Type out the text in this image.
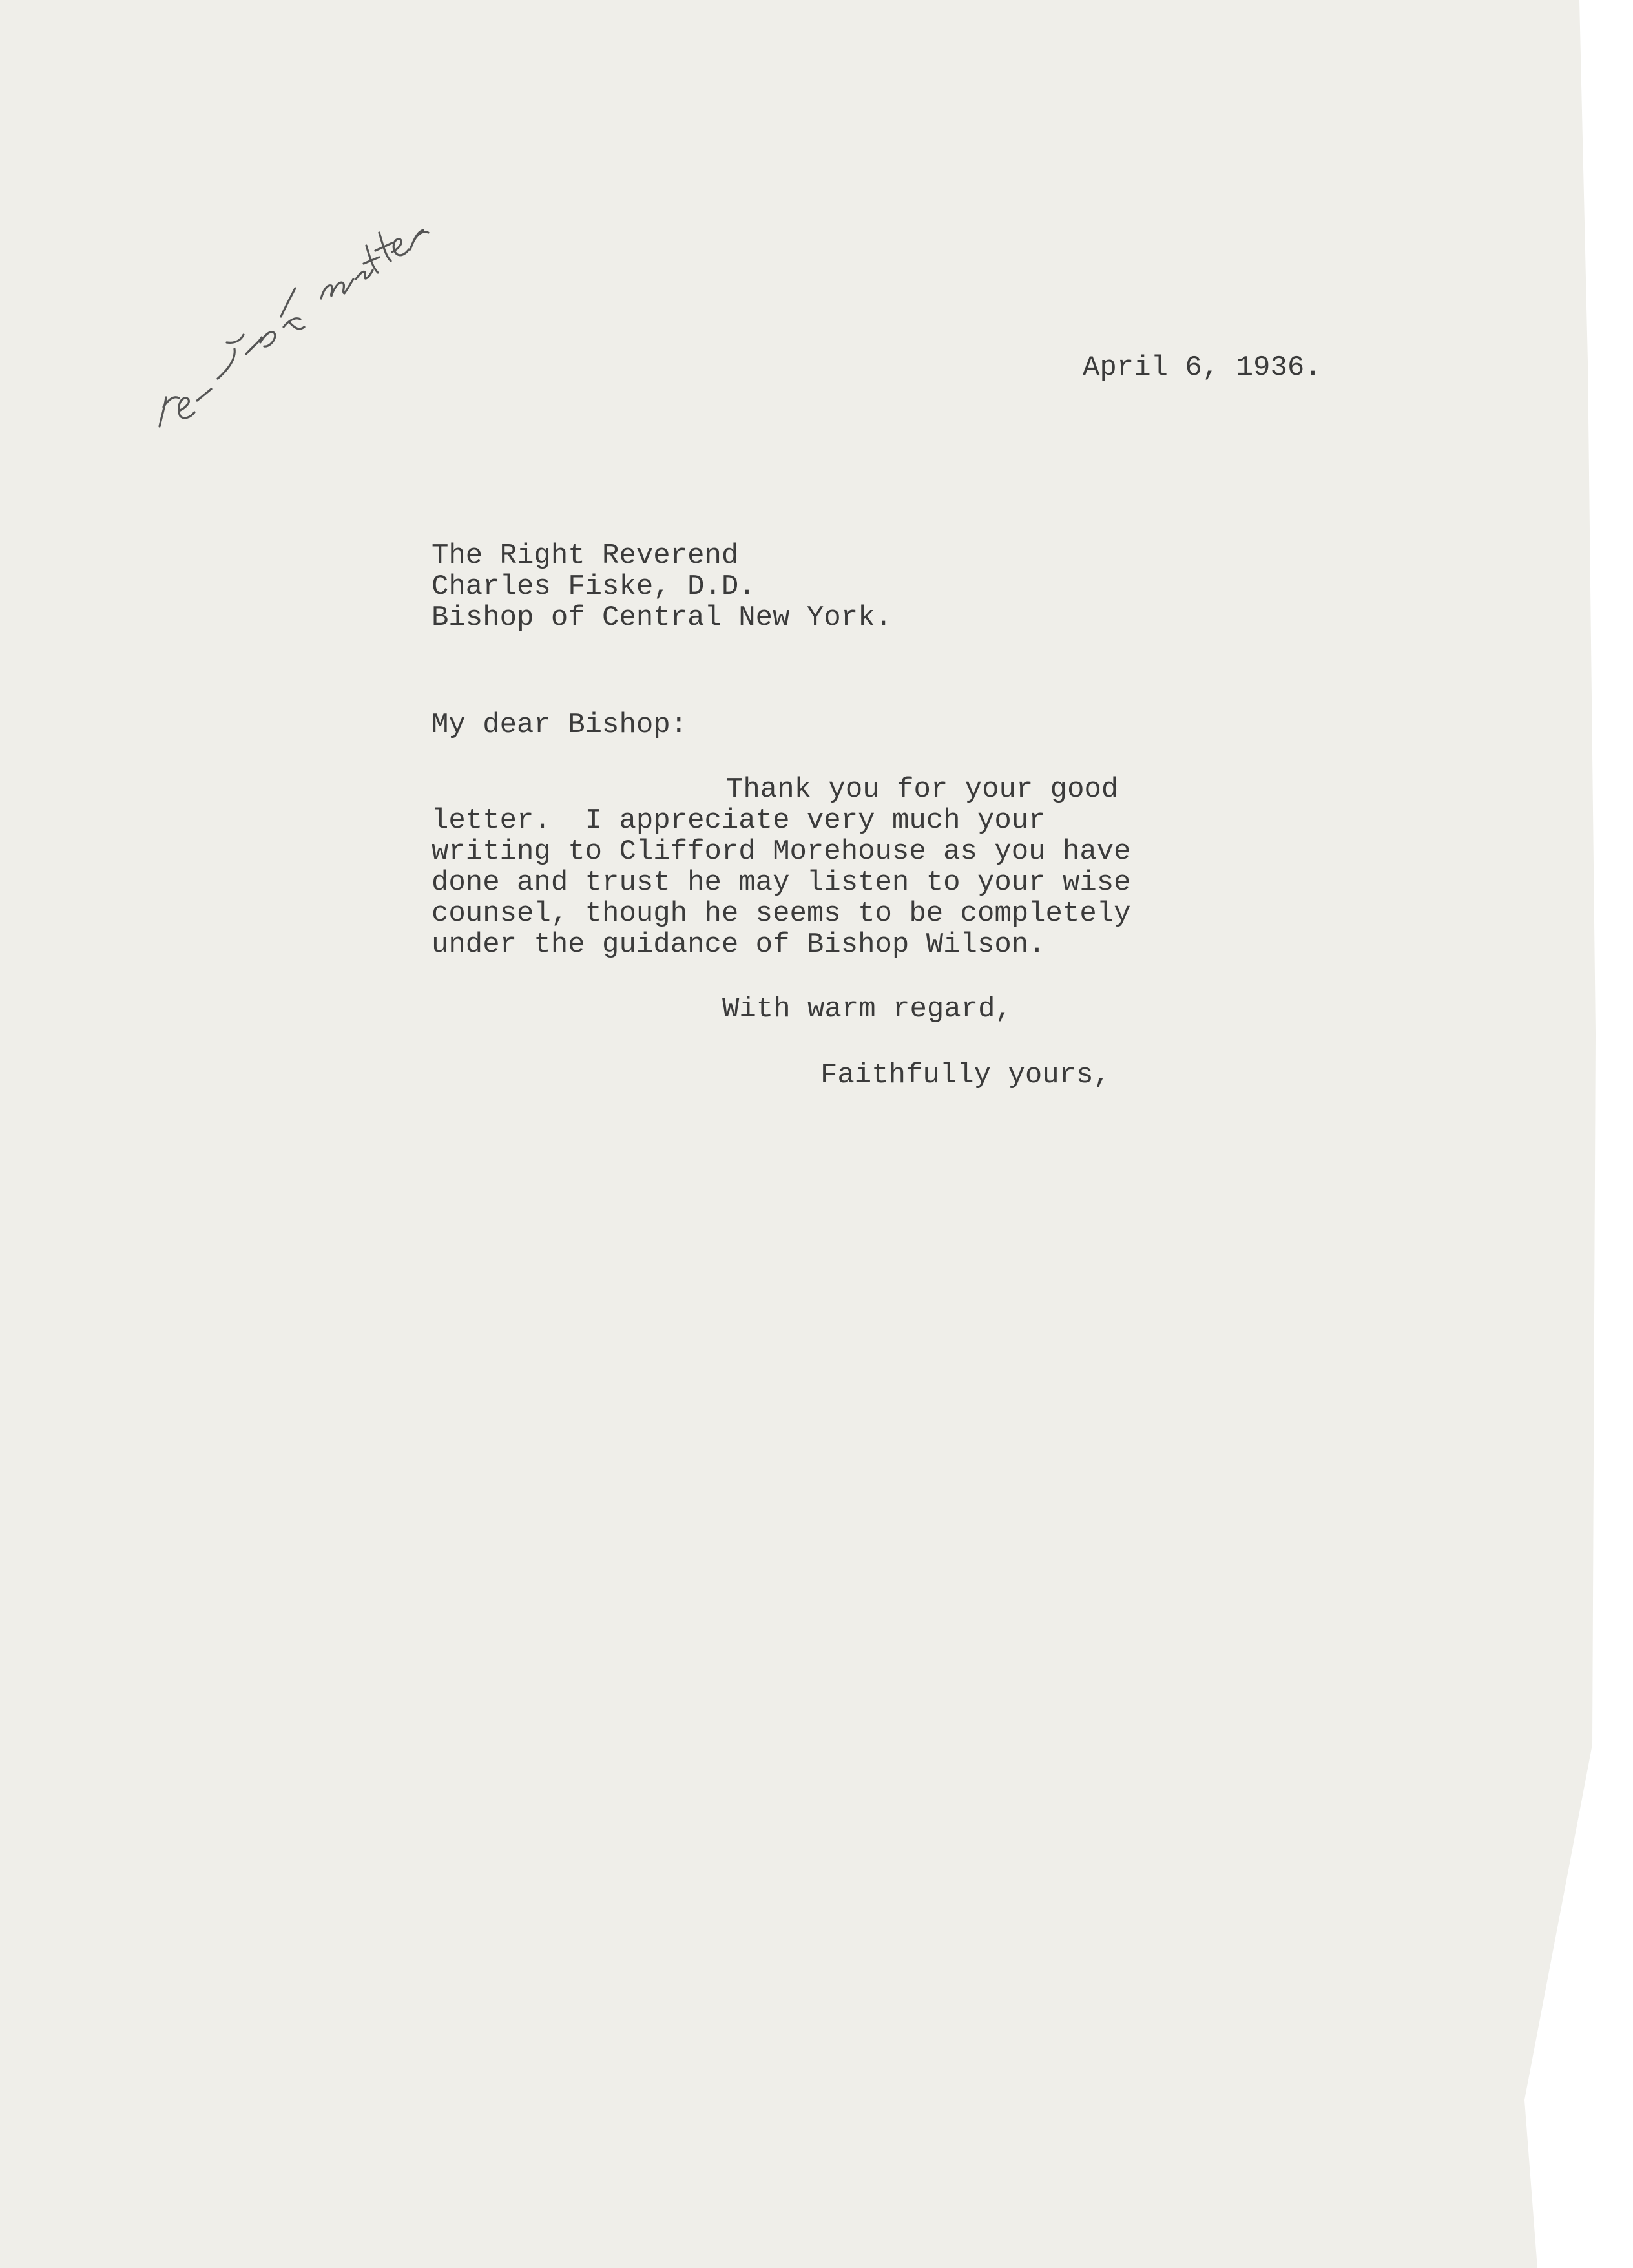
April 6, 1936.

The Right Reverend

Charles Fiske, D.D.

Bishop of Central New York.

My dear Bishop:

Thank you for your good

letter.  I appreciate very much your

writing to Clifford Morehouse as you have

done and trust he may listen to your wise

counsel, though he seems to be completely

under the guidance of Bishop Wilson.

With warm regard,

Faithfully yours,
